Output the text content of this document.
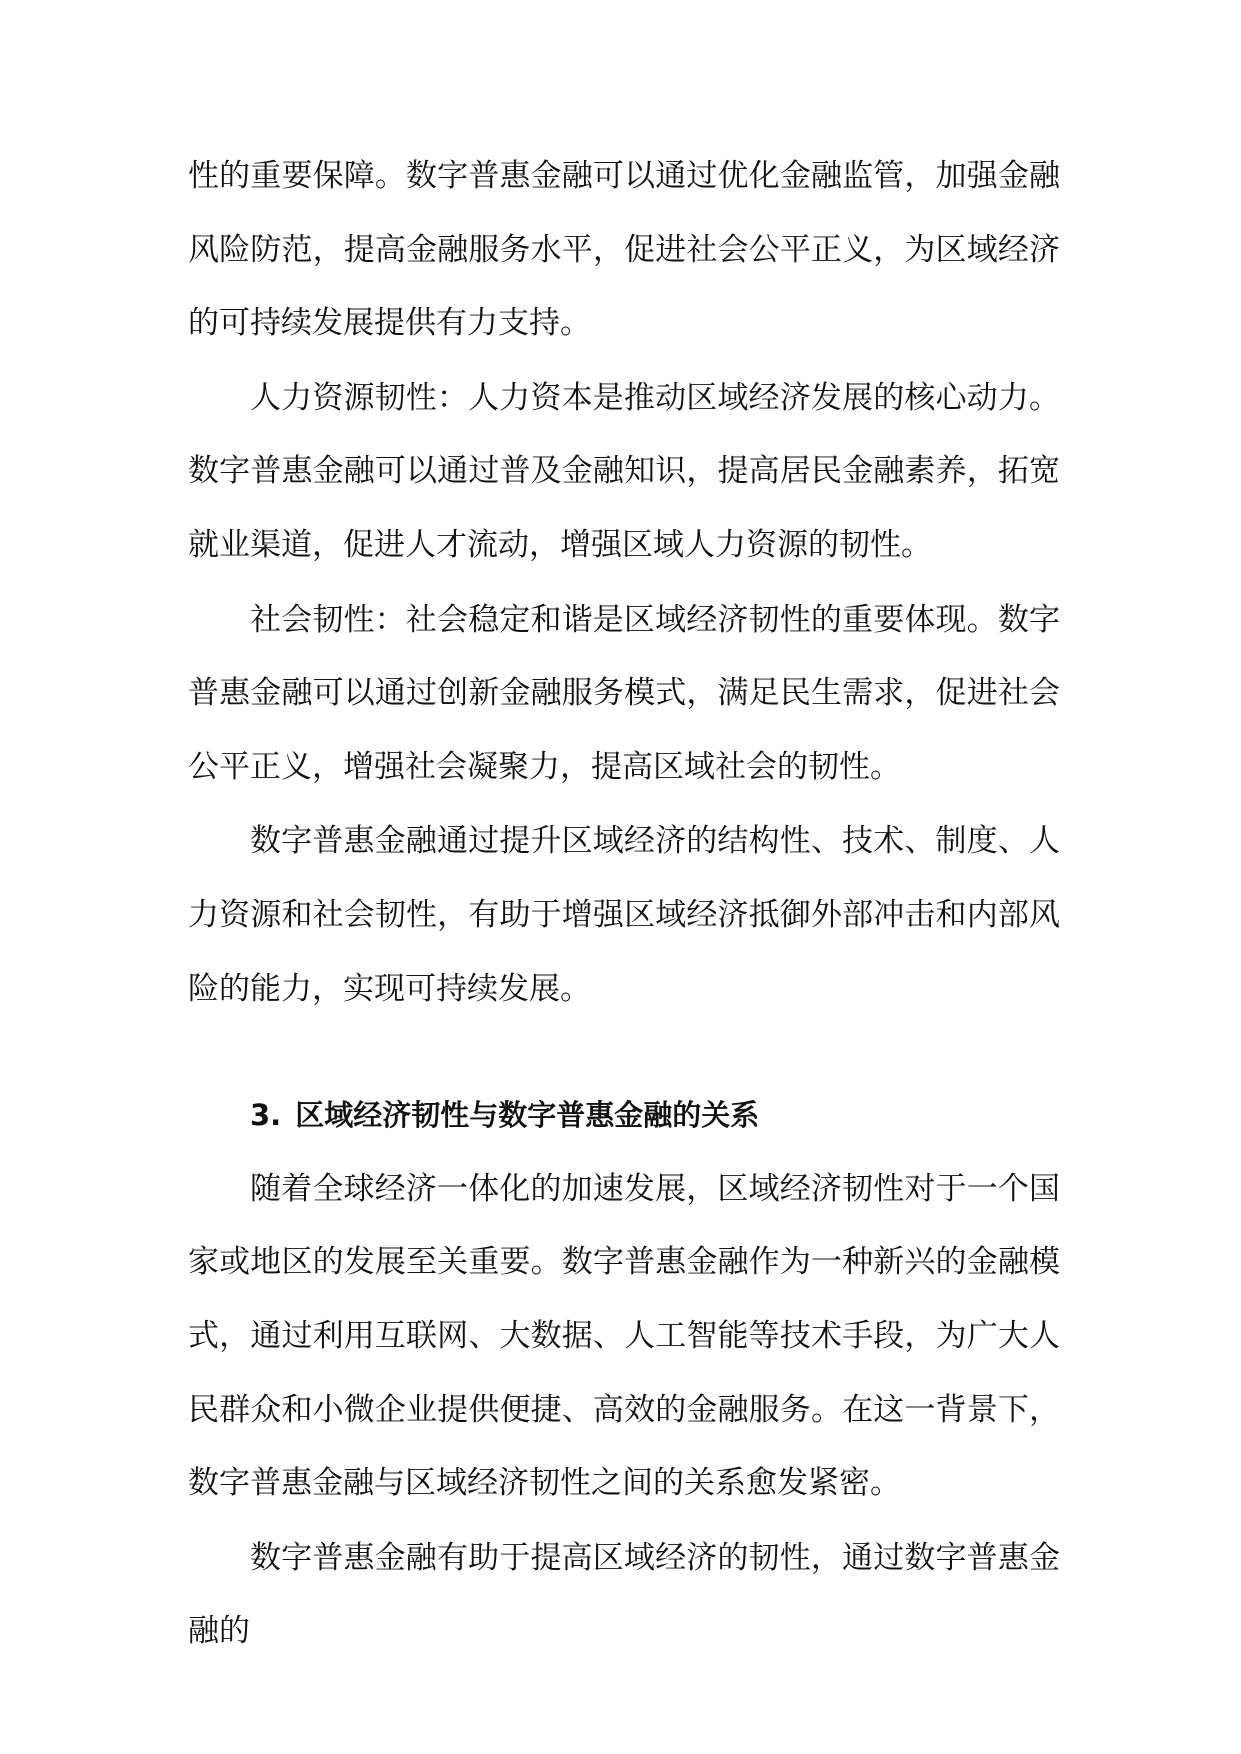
性的重要保障。数字普惠金融可以通过优化金融监管，加强金融风险防范，提高金融服务水平，促进社会公平正义，为区域经济的可持续发展提供有力支持。

人力资源韧性：人力资本是推动区域经济发展的核心动力。数字普惠金融可以通过普及金融知识，提高居民金融素养，拓宽就业渠道，促进人才流动，增强区域人力资源的韧性。

社会韧性：社会稳定和谐是区域经济韧性的重要体现。数字普惠金融可以通过创新金融服务模式，满足民生需求，促进社会公平正义，增强社会凝聚力，提高区域社会的韧性。

数字普惠金融通过提升区域经济的结构性、技术、制度、人力资源和社会韧性，有助于增强区域经济抵御外部冲击和内部风险的能力，实现可持续发展。

3. 区域经济韧性与数字普惠金融的关系

随着全球经济一体化的加速发展，区域经济韧性对于一个国家或地区的发展至关重要。数字普惠金融作为一种新兴的金融模式，通过利用互联网、大数据、人工智能等技术手段，为广大人民群众和小微企业提供便捷、高效的金融服务。在这一背景下，数字普惠金融与区域经济韧性之间的关系愈发紧密。

数字普惠金融有助于提高区域经济的韧性，通过数字普惠金融的
